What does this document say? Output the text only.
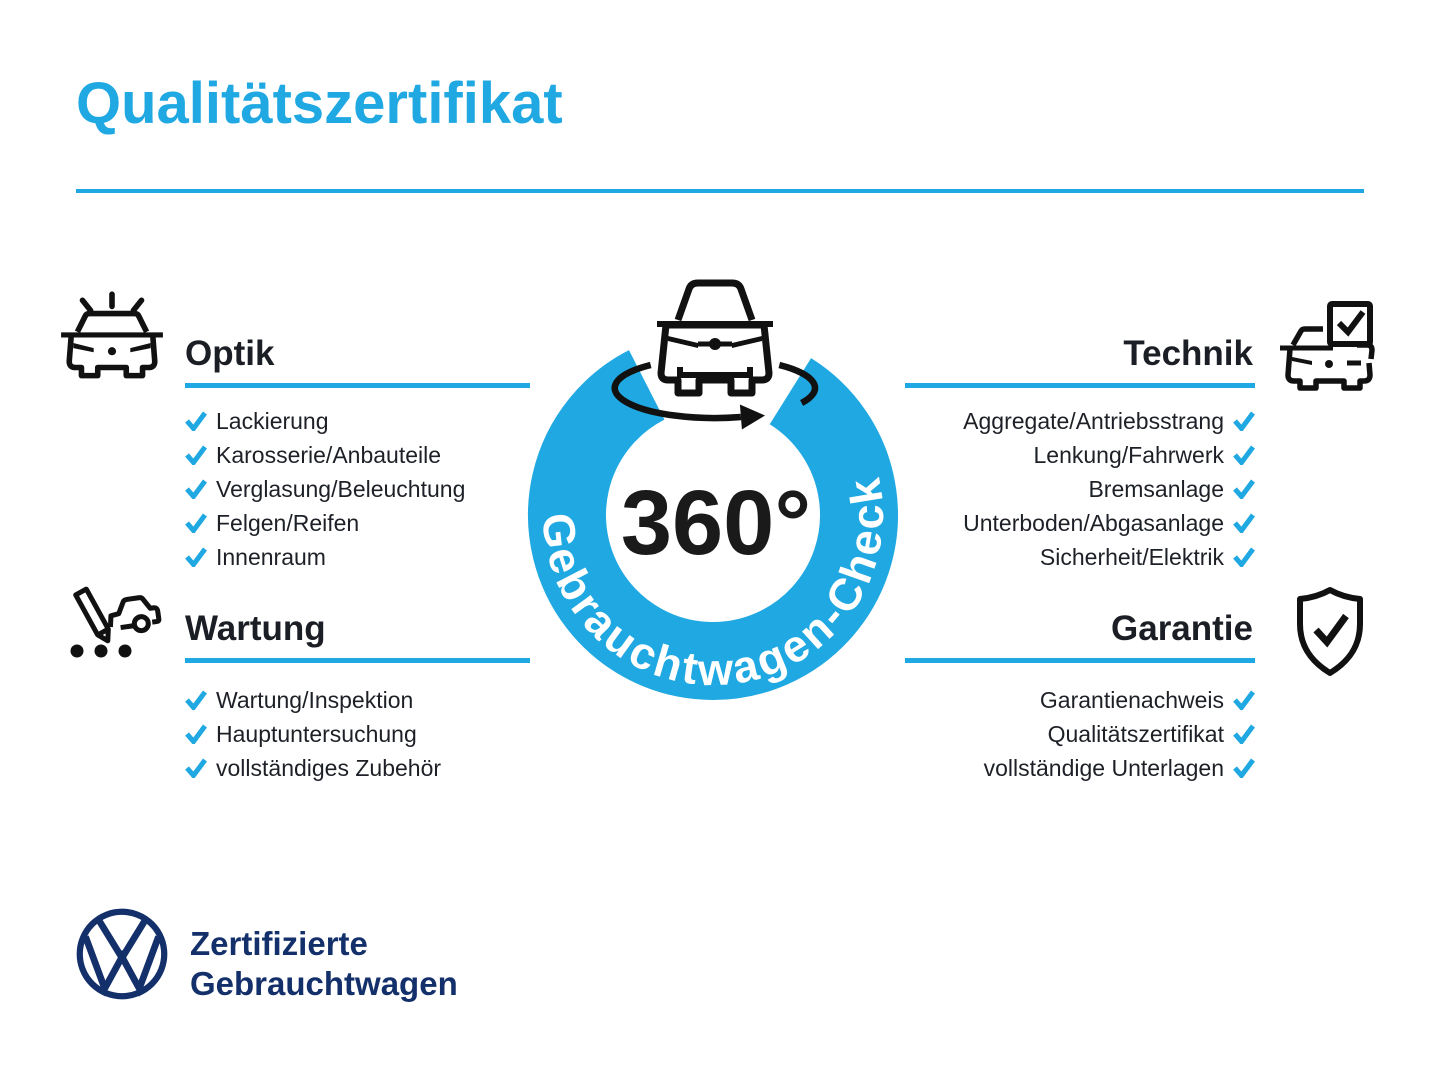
Qualitätszertifikat
Optik
Lackierung
Karosserie/Anbauteile
Verglasung/Beleuchtung
Felgen/Reifen
Innenraum
Wartung
Wartung/Inspektion
Hauptuntersuchung
vollständiges Zubehör
Technik
Aggregate/Antriebsstrang
Lenkung/Fahrwerk
Bremsanlage
Unterboden/Abgasanlage
Sicherheit/Elektrik
Garantie
Garantienachweis
Qualitätszertifikat
vollständige Unterlagen
Gebrauchtwagen-Check
360°
Zertifizierte
Gebrauchtwagen
